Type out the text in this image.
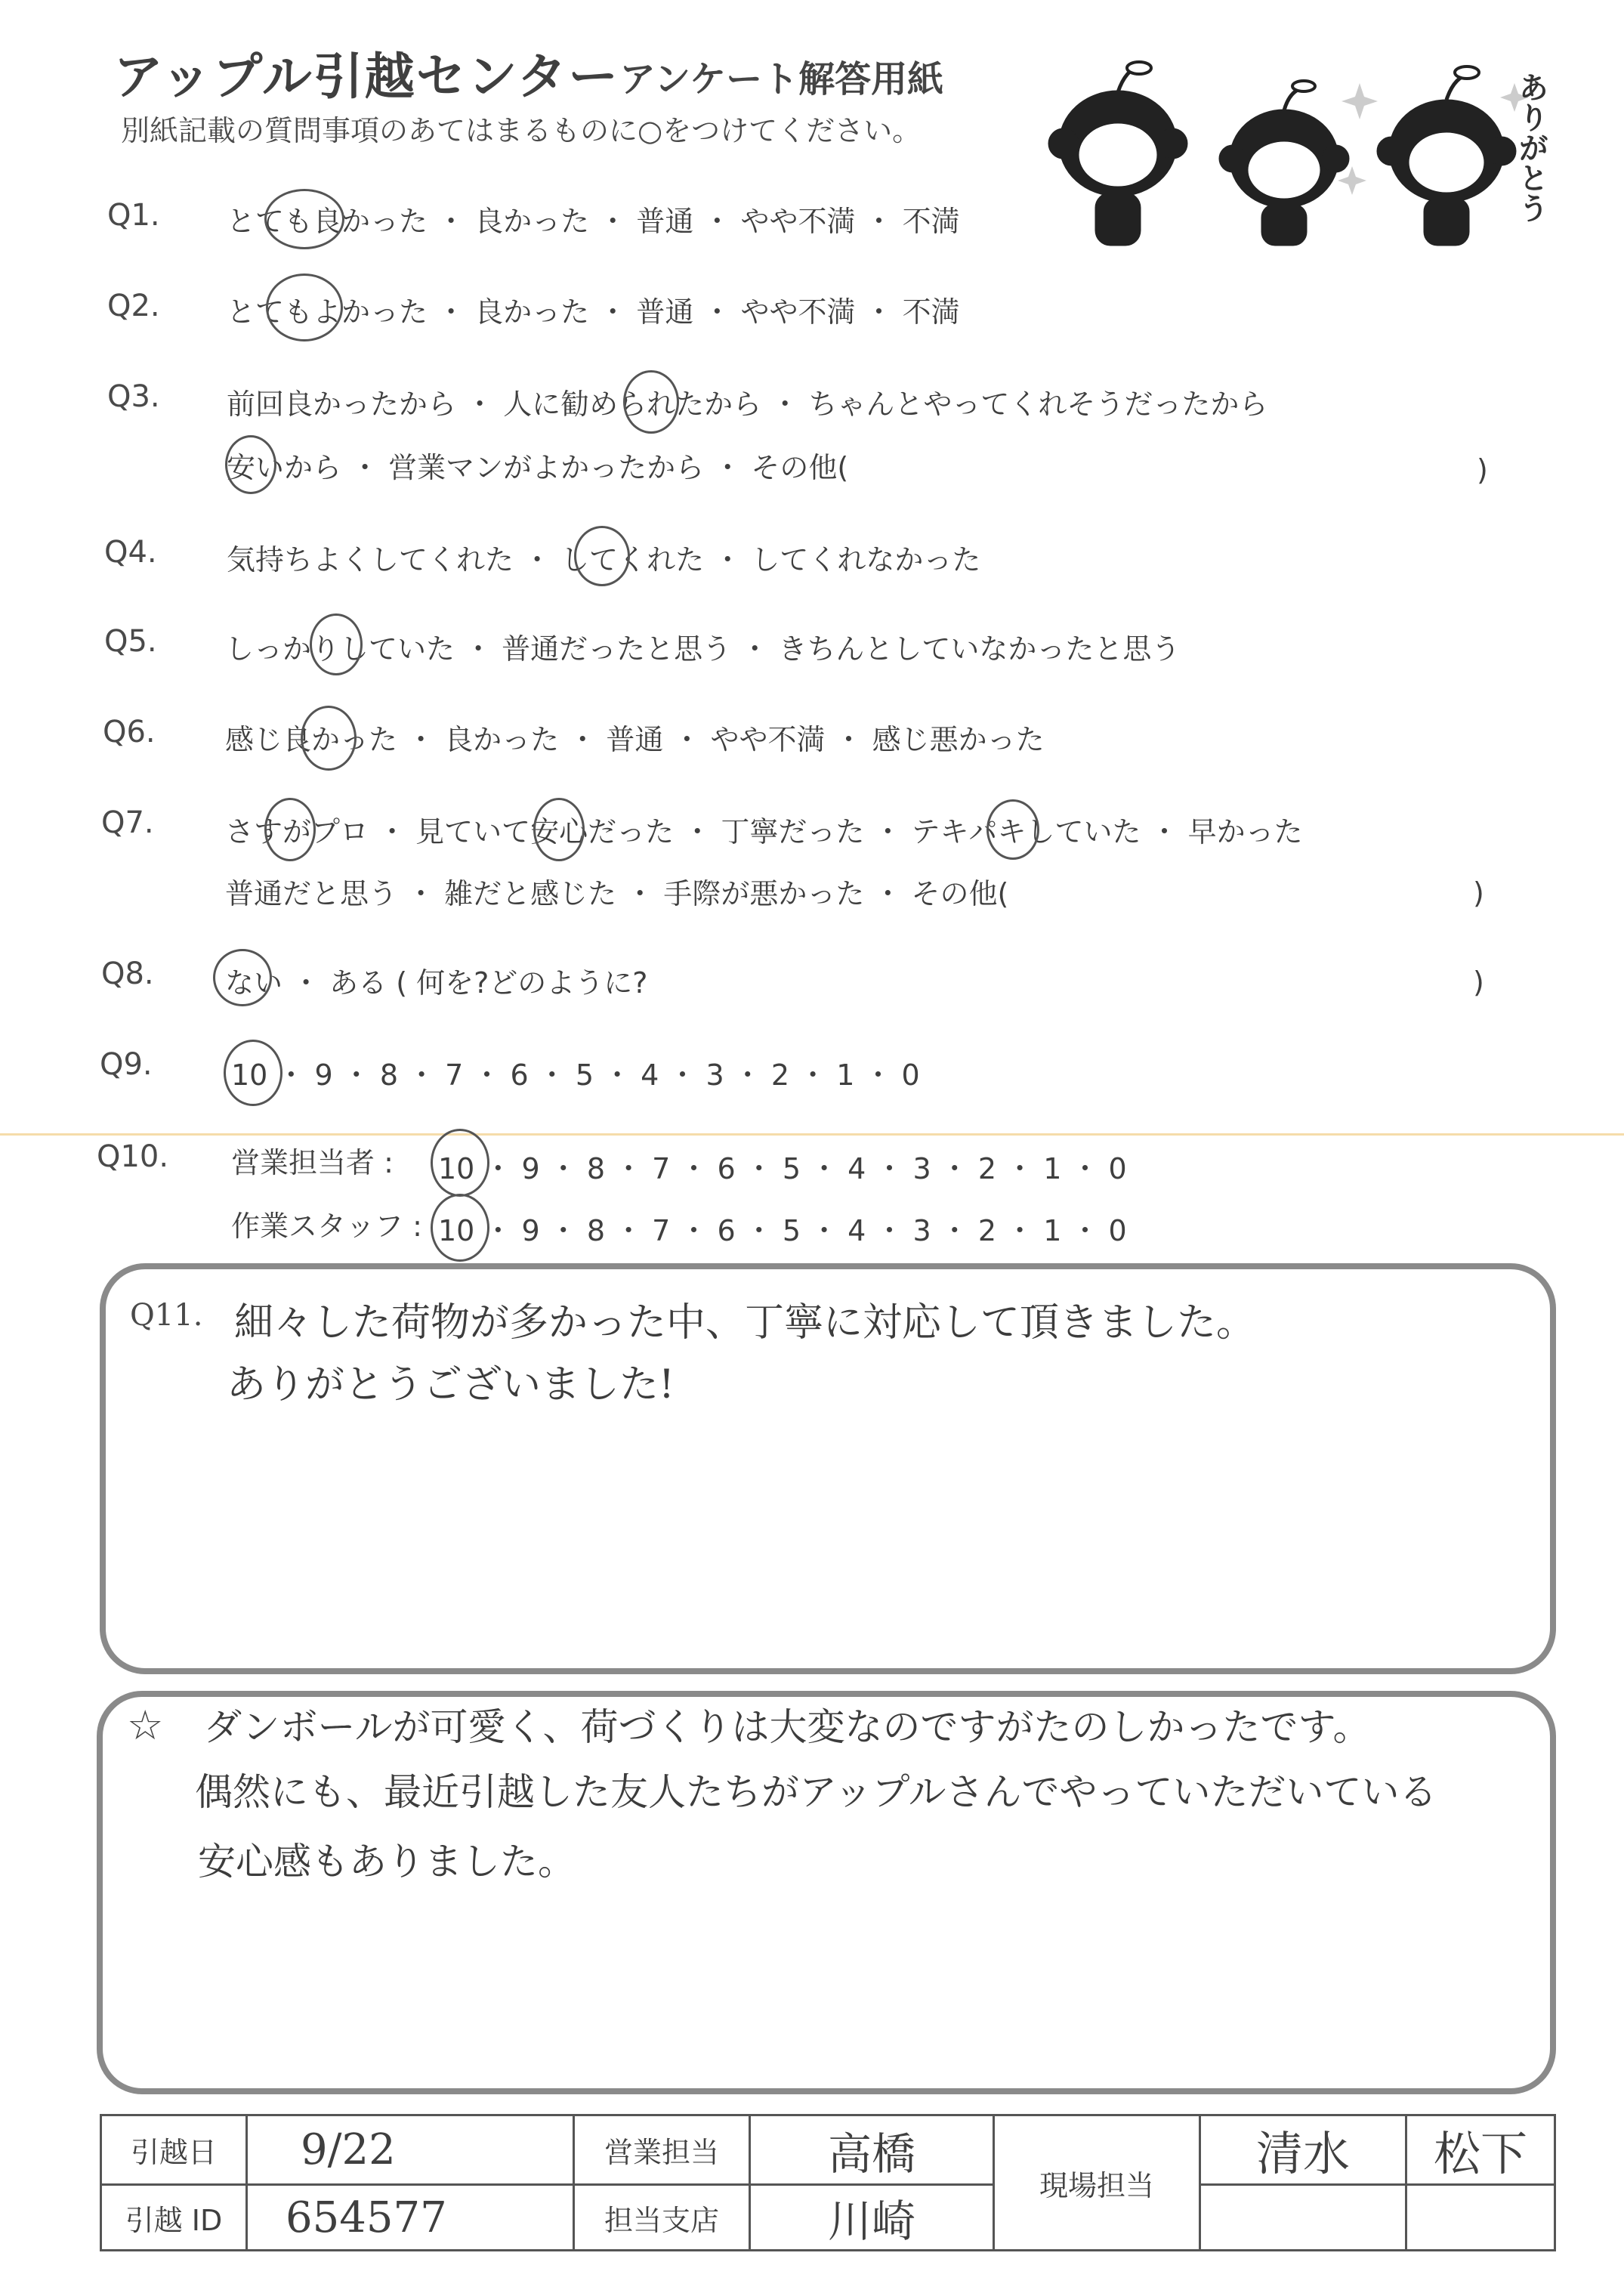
アップル引越センター アンケート解答用紙
別紙記載の質問事項のあてはまるものに○をつけてください。	ありがとう
Q1. とても良かった ・ 良かった ・ 普通 ・ やや不満 ・ 不満
Q2. とてもよかった ・ 良かった ・ 普通 ・ やや不満 ・ 不満
Q3. 前回良かったから ・ 人に勧められたから ・ ちゃんとやってくれそうだったから
安いから ・ 営業マンがよかったから ・ その他(	)
Q4. 気持ちよくしてくれた ・ してくれた ・ してくれなかった
Q5. しっかりしていた ・ 普通だったと思う ・ きちんとしていなかったと思う
Q6. 感じ良かった ・ 良かった ・ 普通 ・ やや不満 ・ 感じ悪かった
Q7. さすがプロ ・ 見ていて安心だった ・ 丁寧だった ・ テキパキしていた ・ 早かった
普通だと思う ・ 雑だと感じた ・ 手際が悪かった ・ その他(	)
Q8. ない ・ ある ( 何を?どのように?	)
Q9.	10 ・ 9 ・ 8 ・ 7 ・ 6 ・ 5 ・ 4 ・ 3 ・ 2 ・ 1 ・ 0
Q10. 営業担当者 : 10 ・ 9 ・ 8 ・ 7 ・ 6 ・ 5 ・ 4 ・ 3 ・ 2 ・ 1 ・ 0
作業スタッフ : 10 ・ 9 ・ 8 ・ 7 ・ 6 ・ 5 ・ 4 ・ 3 ・ 2 ・ 1 ・ 0
Q11. 細々した荷物が多かった中、丁寧に対応して頂きました。
ありがとうございました!
☆ ダンボールが可愛く、荷づくりは大変なのですがたのしかったです。
偶然にも、最近引越した友人たちがアップルさんでやっていただいている
安心感もありました。
引越日	9/22	営業担当	高橋	現場担当	清水	松下
引越 ID	654577	担当支店	川崎			
